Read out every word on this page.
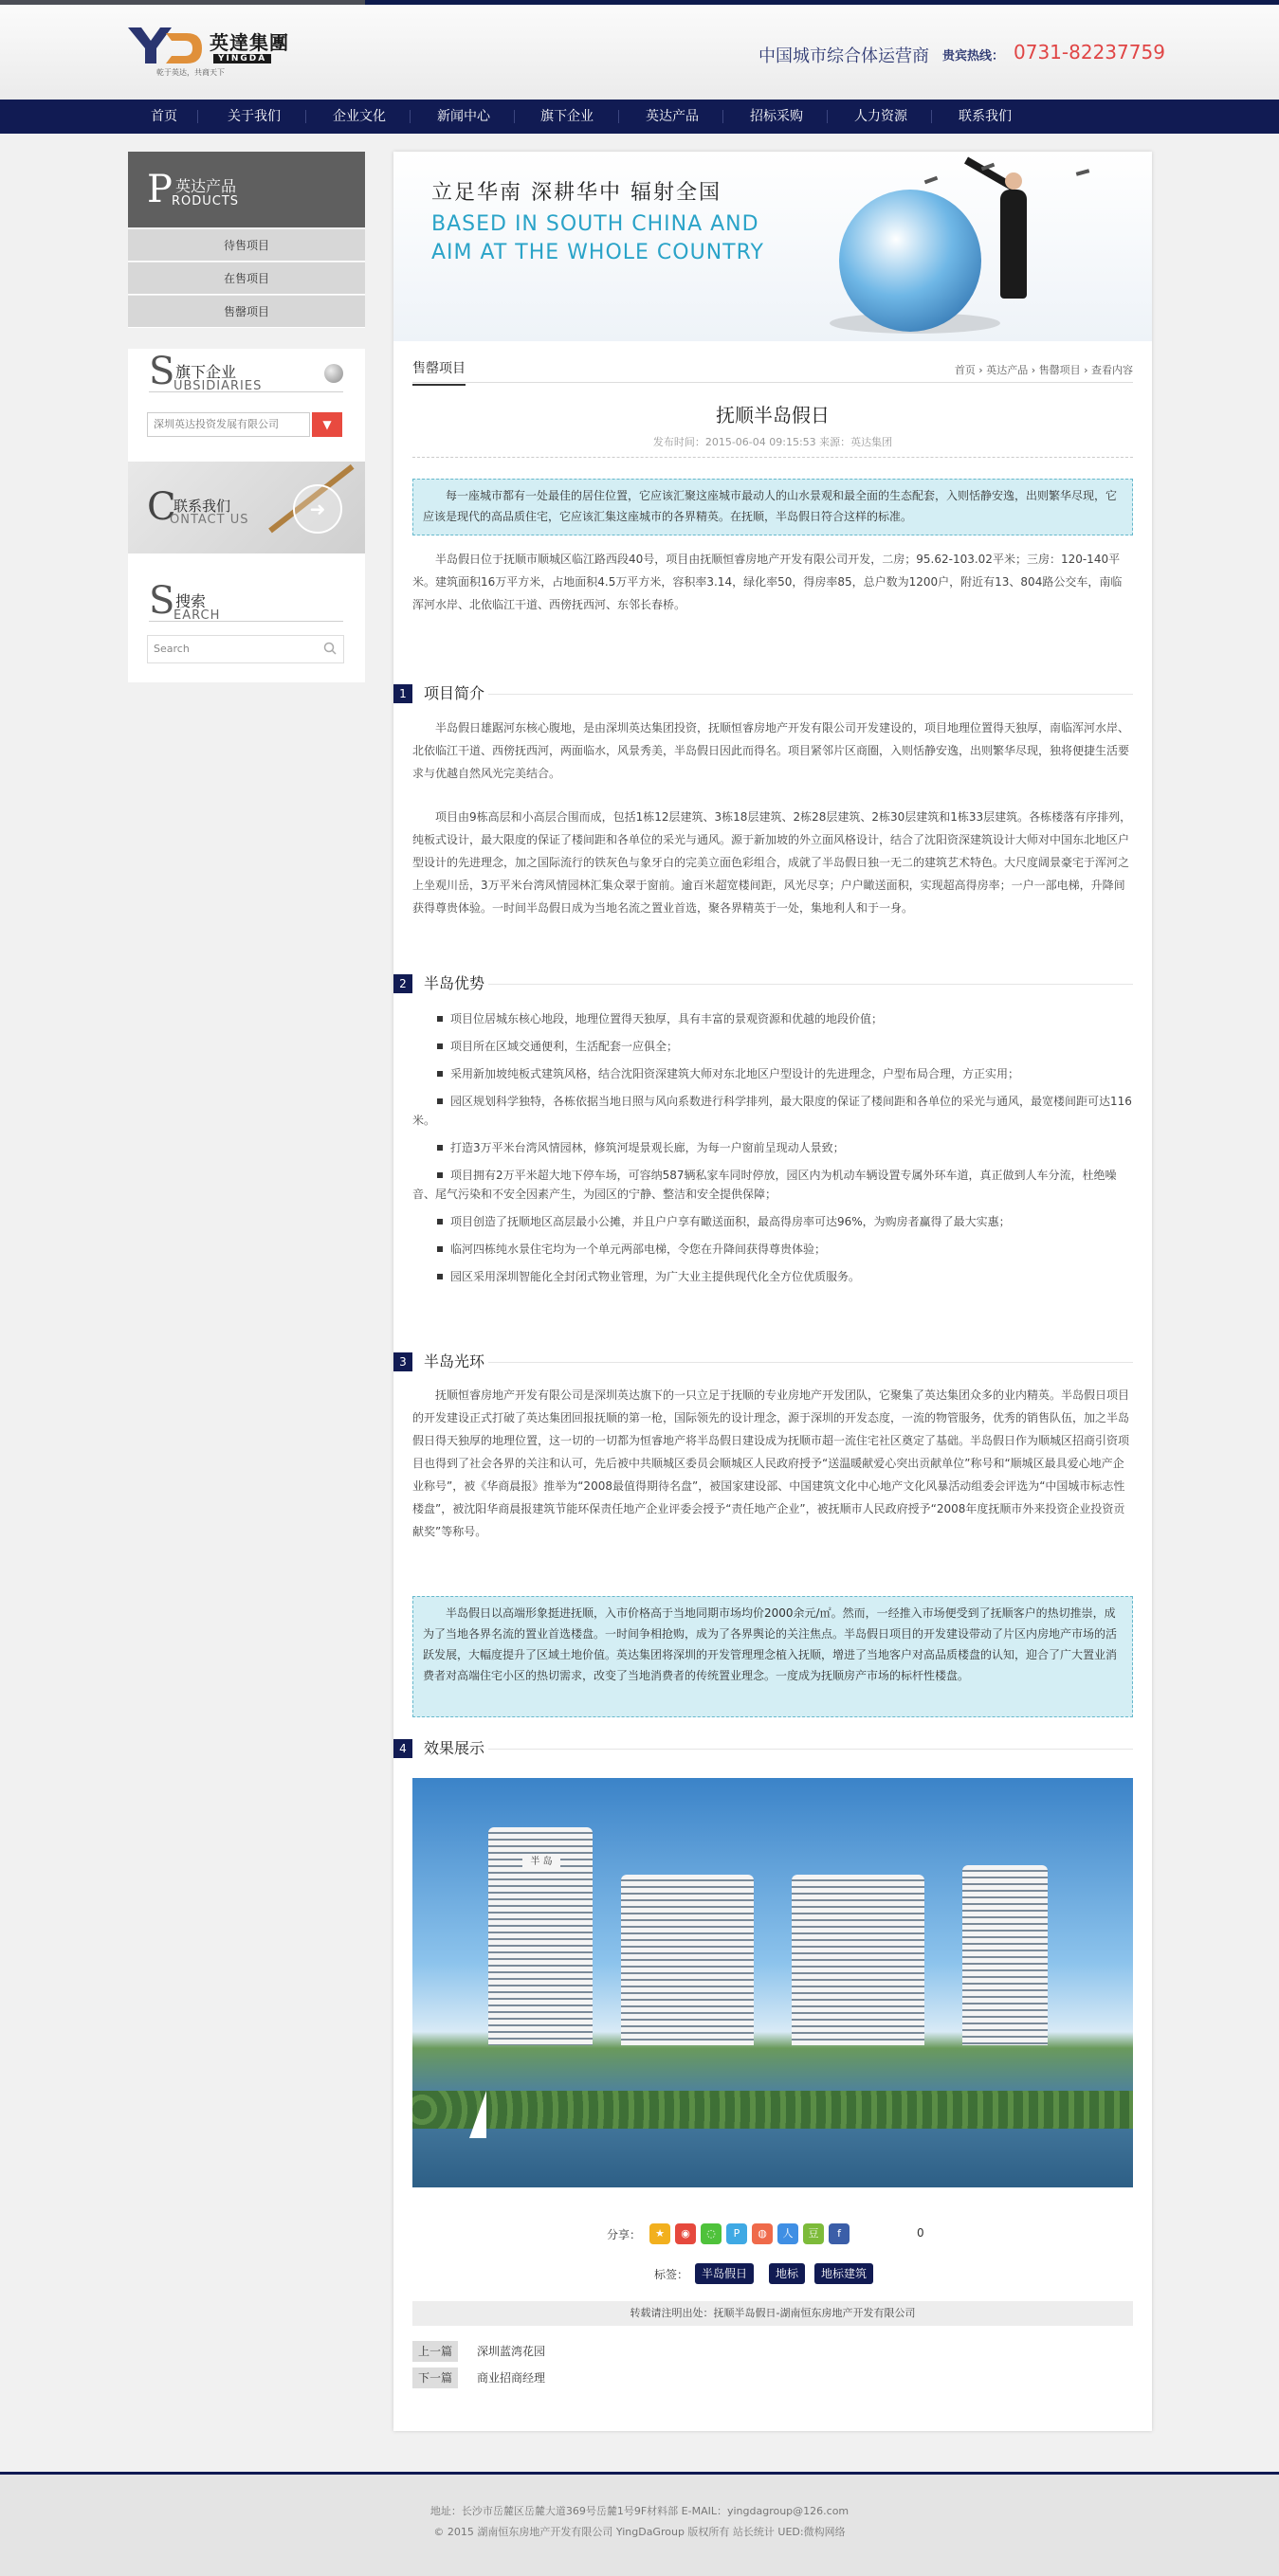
英達集團
YINGDA
乾于英达，共商天下
中国城市综合体运营商 贵宾热线： 0731-82237759
首页	关于我们	企业文化	新闻中心	旗下企业	英达产品	招标采购	人力资源	联系我们
P 英达产品
RODUCTS
待售项目
在售项目
售罄项目
S 旗下企业
UBSIDIARIES
深圳英达投资发展有限公司	▼
C
联系我们
ONTACT US	➜
S 搜索
EARCH
Search
立足华南 深耕华中 辐射全国
BASED IN SOUTH CHINA AND AIM AT THE WHOLE COUNTRY
售罄项目	首页 › 英达产品 › 售罄项目 › 查看内容
抚顺半岛假日
发布时间：2015-06-04 09:15:53 来源：英达集团
每一座城市都有一处最佳的居住位置，它应该汇聚这座城市最动人的山水景观和最全面的生态配套，入则恬静安逸，出则繁华尽现，它应该是现代的高品质住宅，它应该汇集这座城市的各界精英。在抚顺，半岛假日符合这样的标准。
半岛假日位于抚顺市顺城区临江路西段40号，项目由抚顺恒睿房地产开发有限公司开发，二房；95.62-103.02平米；三房：120-140平米。建筑面积16万平方米，占地面积4.5万平方米，容积率3.14，绿化率50，得房率85，总户数为1200户，附近有13、804路公交车，南临浑河水岸、北依临江干道、西傍抚西河、东邻长春桥。
1	项目简介
半岛假日雄踞河东核心腹地，是由深圳英达集团投资，抚顺恒睿房地产开发有限公司开发建设的，项目地理位置得天独厚，南临浑河水岸、北依临江干道、西傍抚西河，两面临水，风景秀美，半岛假日因此而得名。项目紧邻片区商圈，入则恬静安逸，出则繁华尽现，独将便捷生活要求与优越自然风光完美结合。
项目由9栋高层和小高层合围而成，包括1栋12层建筑、3栋18层建筑、2栋28层建筑、2栋30层建筑和1栋33层建筑。各栋楼落有序排列，纯板式设计，最大限度的保证了楼间距和各单位的采光与通风。源于新加坡的外立面风格设计，结合了沈阳资深建筑设计大师对中国东北地区户型设计的先进理念，加之国际流行的铁灰色与象牙白的完美立面色彩组合，成就了半岛假日独一无二的建筑艺术特色。大尺度阔景豪宅于浑河之上坐观川岳，3万平米台湾风情园林汇集众翠于窗前。逾百米超宽楼间距，风光尽享；户户瞰送面积，实现超高得房率；一户一部电梯，升降间获得尊贵体验。一时间半岛假日成为当地名流之置业首选，聚各界精英于一处，集地利人和于一身。
2	半岛优势
项目位居城东核心地段，地理位置得天独厚，具有丰富的景观资源和优越的地段价值；
项目所在区域交通便利，生活配套一应俱全；
采用新加坡纯板式建筑风格，结合沈阳资深建筑大师对东北地区户型设计的先进理念，户型布局合理，方正实用；
园区规划科学独特，各栋依据当地日照与风向系数进行科学排列，最大限度的保证了楼间距和各单位的采光与通风，最宽楼间距可达116米。
打造3万平米台湾风情园林，修筑河堤景观长廊，为每一户窗前呈现动人景致；
项目拥有2万平米超大地下停车场，可容纳587辆私家车同时停放，园区内为机动车辆设置专属外环车道，真正做到人车分流，杜绝噪音、尾气污染和不安全因素产生，为园区的宁静、整洁和安全提供保障；
项目创造了抚顺地区高层最小公摊，并且户户享有瞰送面积，最高得房率可达96%，为购房者赢得了最大实惠；
临河四栋纯水景住宅均为一个单元两部电梯，令您在升降间获得尊贵体验；
园区采用深圳智能化全封闭式物业管理，为广大业主提供现代化全方位优质服务。
3	半岛光环
抚顺恒睿房地产开发有限公司是深圳英达旗下的一只立足于抚顺的专业房地产开发团队，它聚集了英达集团众多的业内精英。半岛假日项目的开发建设正式打破了英达集团回报抚顺的第一枪，国际领先的设计理念，源于深圳的开发态度，一流的物管服务，优秀的销售队伍，加之半岛假日得天独厚的地理位置，这一切的一切都为恒睿地产将半岛假日建设成为抚顺市超一流住宅社区奠定了基础。半岛假日作为顺城区招商引资项目也得到了社会各界的关注和认可，先后被中共顺城区委员会顺城区人民政府授予“送温暖献爱心突出贡献单位”称号和“顺城区最具爱心地产企业称号”，被《华商晨报》推举为“2008最值得期待名盘”，被国家建设部、中国建筑文化中心地产文化风暴活动组委会评选为“中国城市标志性楼盘”，被沈阳华商晨报建筑节能环保责任地产企业评委会授予“责任地产企业”，被抚顺市人民政府授予“2008年度抚顺市外来投资企业投资贡献奖”等称号。
半岛假日以高端形象挺进抚顺，入市价格高于当地同期市场均价2000余元/㎡。然而，一经推入市场便受到了抚顺客户的热切推崇，成为了当地各界名流的置业首选楼盘。一时间争相抢购，成为了各界舆论的关注焦点。半岛假日项目的开发建设带动了片区内房地产市场的活跃发展，大幅度提升了区域土地价值。英达集团将深圳的开发管理理念植入抚顺，增进了当地客户对高品质楼盘的认知，迎合了广大置业消费者对高端住宅小区的热切需求，改变了当地消费者的传统置业理念。一度成为抚顺房产市场的标杆性楼盘。
4	效果展示
半 岛
分享：	★	◉	◌	P	◍	人	豆	f	0
标签：	半岛假日	地标	地标建筑
转载请注明出处：抚顺半岛假日-湖南恒东房地产开发有限公司
上一篇	深圳蓝湾花园
下一篇	商业招商经理
地址：长沙市岳麓区岳麓大道369号岳麓1号9F材料部 E-MAIL：yingdagroup@126.com
© 2015 湖南恒东房地产开发有限公司 YingDaGroup 版权所有 站长统计 UED:微构网络
